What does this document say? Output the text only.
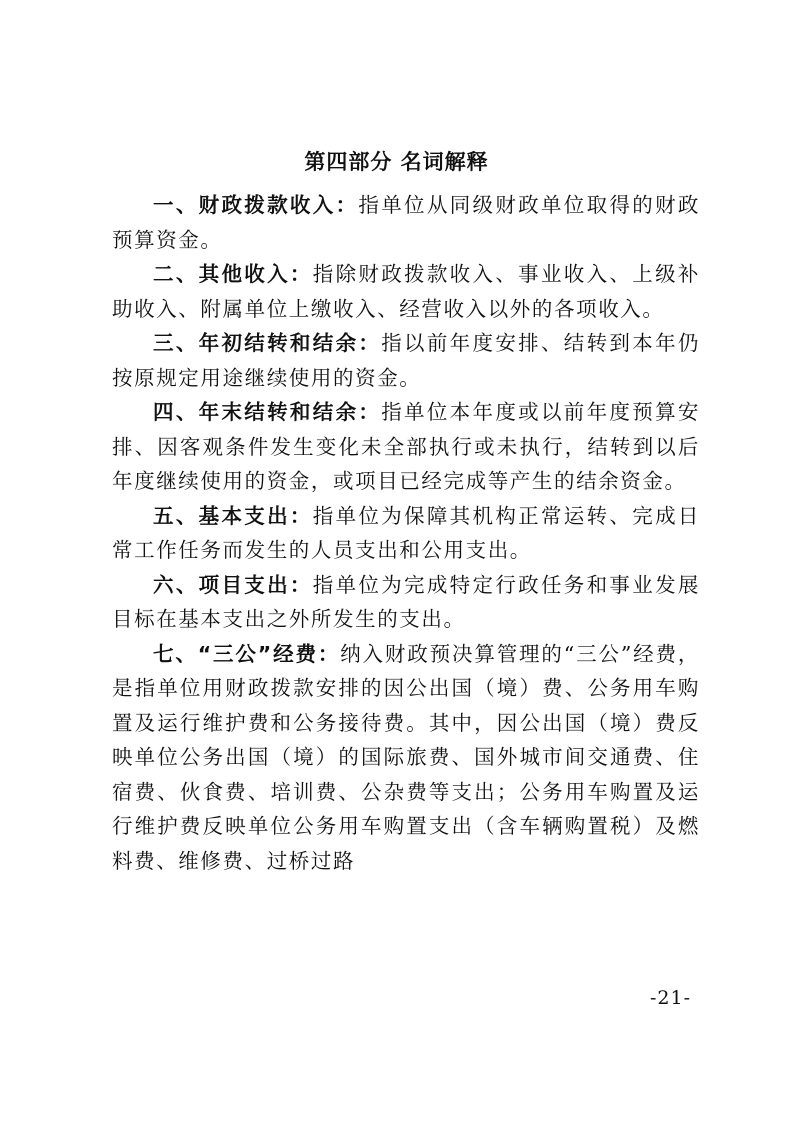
第四部分 名词解释

一、财政拨款收入：指单位从同级财政单位取得的财政预算资金。

二、其他收入：指除财政拨款收入、事业收入、上级补助收入、附属单位上缴收入、经营收入以外的各项收入。

三、年初结转和结余：指以前年度安排、结转到本年仍按原规定用途继续使用的资金。

四、年末结转和结余：指单位本年度或以前年度预算安排、因客观条件发生变化未全部执行或未执行，结转到以后年度继续使用的资金，或项目已经完成等产生的结余资金。

五、基本支出：指单位为保障其机构正常运转、完成日常工作任务而发生的人员支出和公用支出。

六、项目支出：指单位为完成特定行政任务和事业发展目标在基本支出之外所发生的支出。

七、“三公”经费：纳入财政预决算管理的“三公”经费，是指单位用财政拨款安排的因公出国（境）费、公务用车购置及运行维护费和公务接待费。其中，因公出国（境）费反映单位公务出国（境）的国际旅费、国外城市间交通费、住宿费、伙食费、培训费、公杂费等支出；公务用车购置及运行维护费反映单位公务用车购置支出（含车辆购置税）及燃料费、维修费、过桥过路

-21-
